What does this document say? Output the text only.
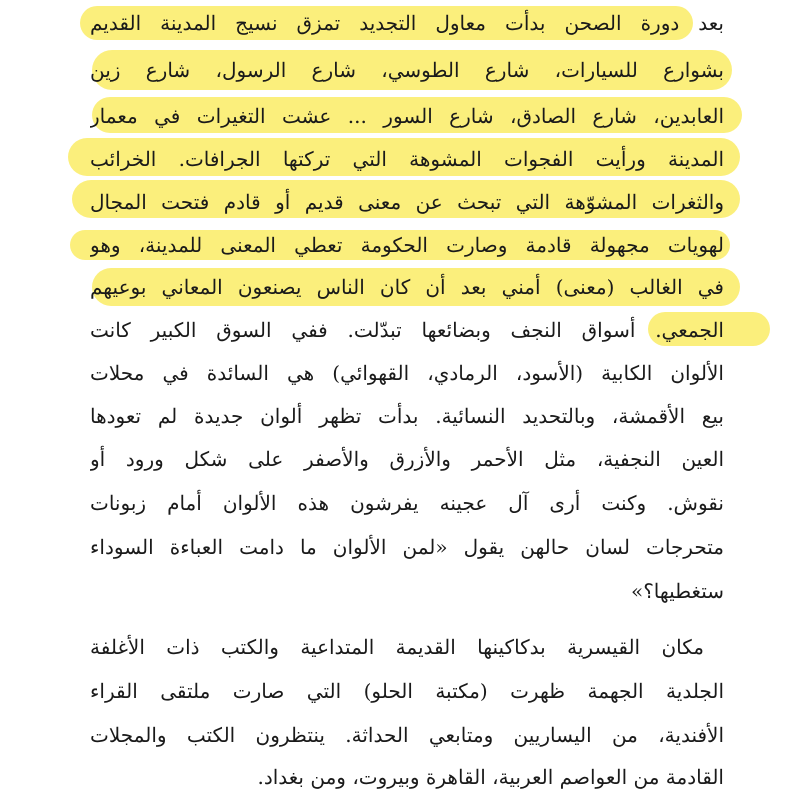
بعد دورة الصحن بدأت معاول التجديد تمزق نسيج المدينة القديم
بشوارع للسيارات، شارع الطوسي، شارع الرسول، شارع زين
العابدين، شارع الصادق، شارع السور ... عشت التغيرات في معمار
المدينة ورأيت الفجوات المشوهة التي تركتها الجرافات. الخرائب
والثغرات المشوّهة التي تبحث عن معنى قديم أو قادم فتحت المجال
لهويات مجهولة قادمة وصارت الحكومة تعطي المعنى للمدينة، وهو
في الغالب (معنى) أمني بعد أن كان الناس يصنعون المعاني بوعيهم
الجمعي. أسواق النجف وبضائعها تبدّلت. ففي السوق الكبير كانت
الألوان الكابية (الأسود، الرمادي، القهوائي) هي السائدة في محلات
بيع الأقمشة، وبالتحديد النسائية. بدأت تظهر ألوان جديدة لم تعودها
العين النجفية، مثل الأحمر والأزرق والأصفر على شكل ورود أو
نقوش. وكنت أرى آل عجينه يفرشون هذه الألوان أمام زبونات
متحرجات لسان حالهن يقول «لمن الألوان ما دامت العباءة السوداء
ستغطيها؟»
مكان القيسرية بدكاكينها القديمة المتداعية والكتب ذات الأغلفة
الجلدية الجهمة ظهرت (مكتبة الحلو) التي صارت ملتقى القراء
الأفندية، من اليساريين ومتابعي الحداثة. ينتظرون الكتب والمجلات
القادمة من العواصم العربية، القاهرة وبيروت، ومن بغداد.
